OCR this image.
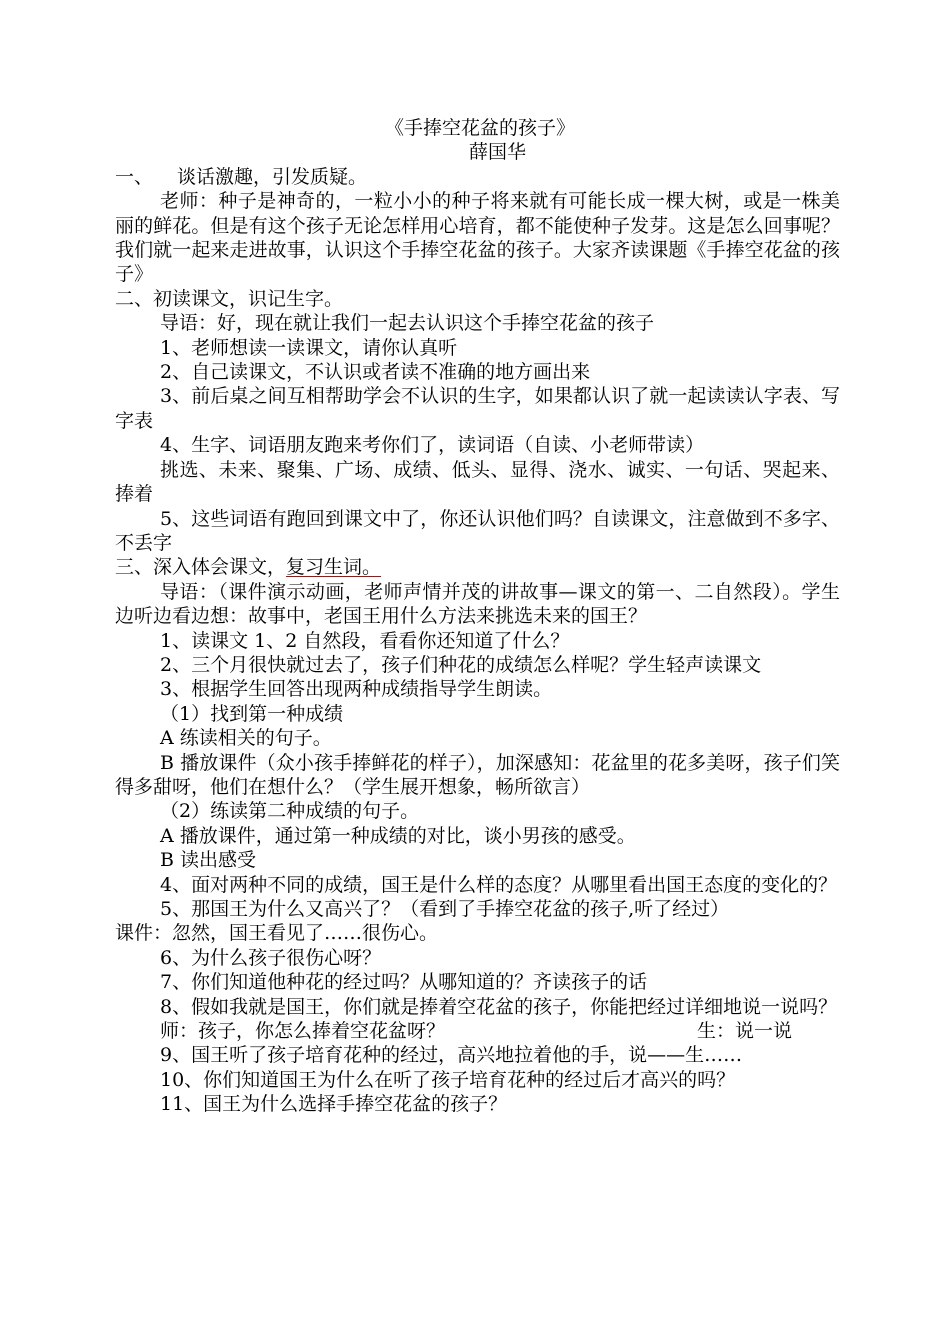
《手捧空花盆的孩子》

薛国华

一、 谈话激趣，引发质疑。

老师：种子是神奇的，一粒小小的种子将来就有可能长成一棵大树，或是一株美丽的鲜花。但是有这个孩子无论怎样用心培育，都不能使种子发芽。这是怎么回事呢？我们就一起来走进故事，认识这个手捧空花盆的孩子。大家齐读课题《手捧空花盆的孩子》

二、初读课文，识记生字。

导语：好，现在就让我们一起去认识这个手捧空花盆的孩子

1、老师想读一读课文，请你认真听

2、自己读课文，不认识或者读不准确的地方画出来

3、前后桌之间互相帮助学会不认识的生字，如果都认识了就一起读读认字表、写字表

4、生字、词语朋友跑来考你们了，读词语（自读、小老师带读）

挑选、未来、聚集、广场、成绩、低头、显得、浇水、诚实、一句话、哭起来、捧着

5、这些词语有跑回到课文中了，你还认识他们吗？自读课文，注意做到不多字、不丢字

三、深入体会课文，复习生词。

导语：（课件演示动画，老师声情并茂的讲故事—课文的第一、二自然段）。学生边听边看边想：故事中，老国王用什么方法来挑选未来的国王？

1、读课文 1、2 自然段，看看你还知道了什么？

2、三个月很快就过去了，孩子们种花的成绩怎么样呢？学生轻声读课文

3、根据学生回答出现两种成绩指导学生朗读。

（1）找到第一种成绩

A 练读相关的句子。

B 播放课件（众小孩手捧鲜花的样子），加深感知：花盆里的花多美呀，孩子们笑得多甜呀，他们在想什么？（学生展开想象，畅所欲言）

（2）练读第二种成绩的句子。

A 播放课件，通过第一种成绩的对比，谈小男孩的感受。

B 读出感受

4、面对两种不同的成绩，国王是什么样的态度？从哪里看出国王态度的变化的？

5、那国王为什么又高兴了？（看到了手捧空花盆的孩子,听了经过）

课件：忽然，国王看见了……很伤心。

6、为什么孩子很伤心呀？

7、你们知道他种花的经过吗？从哪知道的？齐读孩子的话

8、假如我就是国王，你们就是捧着空花盆的孩子，你能把经过详细地说一说吗？

师：孩子，你怎么捧着空花盆呀？	生：说一说

9、国王听了孩子培育花种的经过，高兴地拉着他的手，说——生……

10、你们知道国王为什么在听了孩子培育花种的经过后才高兴的吗？

11、国王为什么选择手捧空花盆的孩子？
